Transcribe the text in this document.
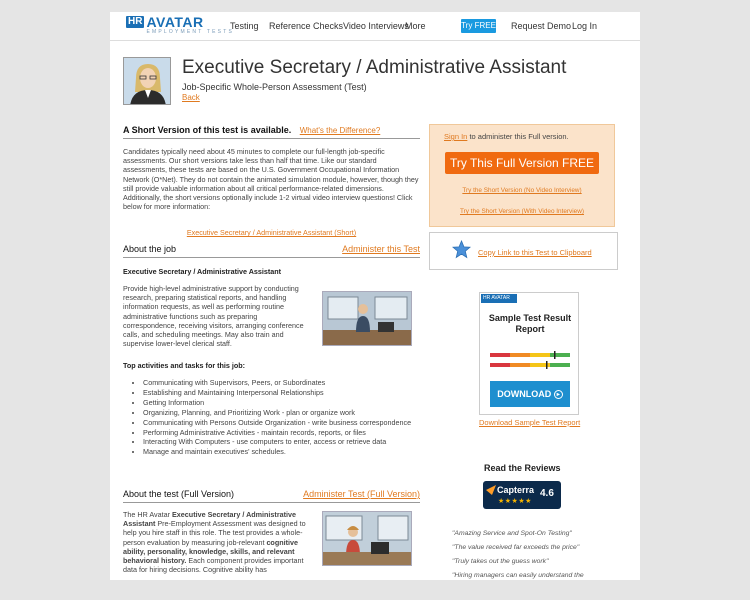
HR AVATAR
EMPLOYMENT TESTS
Testing Reference Checks Video Interviews
More	Try FREE Request Demo Log In
Executive Secretary / Administrative Assistant
Job-Specific Whole-Person Assessment (Test)
Back
A Short Version of this test is available. What's the Difference?
Candidates typically need about 45 minutes to complete our full-length job-specific assessments. Our short versions take less than half that time. Like our standard assessments, these tests are based on the U.S. Government Occupational Information Network (O*Net). They do not contain the animated simulation module, however, though they still provide valuable information about all critical performance-related dimensions. Additionally, the short versions optionally include 1-2 virtual video interview questions! Click below for more information:
Executive Secretary / Administrative Assistant (Short)
About the job	Administer this Test
Executive Secretary / Administrative Assistant
Provide high-level administrative support by conducting research, preparing statistical reports, and handling information requests, as well as performing routine administrative functions such as preparing correspondence, receiving visitors, arranging conference calls, and scheduling meetings. May also train and supervise lower-level clerical staff.
Top activities and tasks for this job:
• Communicating with Supervisors, Peers, or Subordinates
• Establishing and Maintaining Interpersonal Relationships
• Getting Information
• Organizing, Planning, and Prioritizing Work - plan or organize work
• Communicating with Persons Outside Organization - write business correspondence
• Performing Administrative Activities - maintain records, reports, or files
• Interacting With Computers - use computers to enter, access or retrieve data
• Manage and maintain executives' schedules.
About the test (Full Version)	Administer Test (Full Version)
The HR Avatar Executive Secretary / Administrative Assistant Pre-Employment Assessment was designed to help you hire staff in this role. The test provides a whole-person evaluation by measuring job-relevant cognitive ability, personality, knowledge, skills, and relevant behavioral history. Each component provides important data for hiring decisions. Cognitive ability has
Sign In to administer this Full version.
Try This Full Version FREE
Try the Short Version (No Video Interview)
Try the Short Version (With Video Interview)
Copy Link to this Test to Clipboard
HR AVATAR
Sample Test Result Report
DOWNLOAD ▸
Download Sample Test Report
Read the Reviews
Capterra
★★★★★
4.6
"Amazing Service and Spot-On Testing"
"The value received far exceeds the price"
"Truly takes out the guess work"
"Hiring managers can easily understand the
